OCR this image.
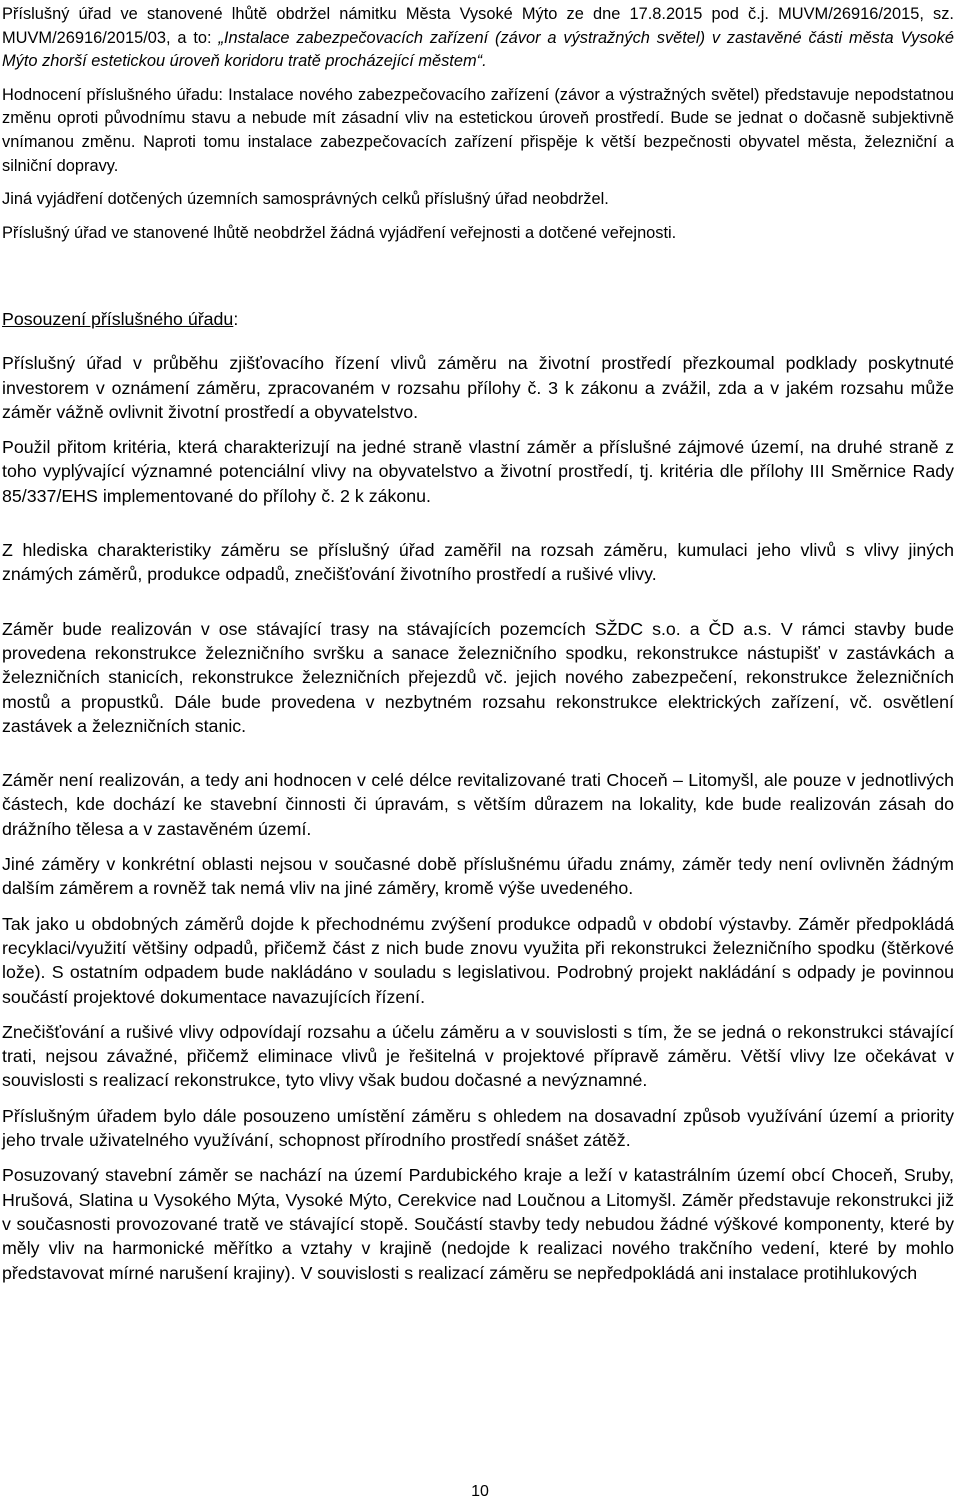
Příslušný úřad ve stanovené lhůtě obdržel námitku Města Vysoké Mýto ze dne 17.8.2015 pod č.j. MUVM/26916/2015, sz. MUVM/26916/2015/03, a to: „Instalace zabezpečovacích zařízení (závor a výstražných světel) v zastavěné části města Vysoké Mýto zhorší estetickou úroveň koridoru tratě procházející městem“.

Hodnocení příslušného úřadu: Instalace nového zabezpečovacího zařízení (závor a výstražných světel) představuje nepodstatnou změnu oproti původnímu stavu a nebude mít zásadní vliv na estetickou úroveň prostředí. Bude se jednat o dočasně subjektivně vnímanou změnu. Naproti tomu instalace zabezpečovacích zařízení přispěje k větší bezpečnosti obyvatel města, železniční a silniční dopravy.

Jiná vyjádření dotčených územních samosprávných celků příslušný úřad neobdržel.

Příslušný úřad ve stanovené lhůtě neobdržel žádná vyjádření veřejnosti a dotčené veřejnosti.

Posouzení příslušného úřadu:

Příslušný úřad v průběhu zjišťovacího řízení vlivů záměru na životní prostředí přezkoumal podklady poskytnuté investorem v oznámení záměru, zpracovaném v rozsahu přílohy č. 3 k zákonu a zvážil, zda a v jakém rozsahu může záměr vážně ovlivnit životní prostředí a obyvatelstvo.

Použil přitom kritéria, která charakterizují na jedné straně vlastní záměr a příslušné zájmové území, na druhé straně z toho vyplývající významné potenciální vlivy na obyvatelstvo a životní prostředí, tj. kritéria dle přílohy III Směrnice Rady 85/337/EHS implementované do přílohy č. 2 k zákonu.

Z hlediska charakteristiky záměru se příslušný úřad zaměřil na rozsah záměru, kumulaci jeho vlivů s vlivy jiných známých záměrů, produkce odpadů, znečišťování životního prostředí a rušivé vlivy.

Záměr bude realizován v ose stávající trasy na stávajících pozemcích SŽDC s.o. a ČD a.s. V rámci stavby bude provedena rekonstrukce železničního svršku a sanace železničního spodku, rekonstrukce nástupišť v zastávkách a železničních stanicích, rekonstrukce železničních přejezdů vč. jejich nového zabezpečení, rekonstrukce železničních mostů a propustků. Dále bude provedena v nezbytném rozsahu rekonstrukce elektrických zařízení, vč. osvětlení zastávek a železničních stanic.

Záměr není realizován, a tedy ani hodnocen v celé délce revitalizované trati Choceň – Litomyšl, ale pouze v jednotlivých částech, kde dochází ke stavební činnosti či úpravám, s větším důrazem na lokality, kde bude realizován zásah do drážního tělesa a v zastavěném území.

Jiné záměry v konkrétní oblasti nejsou v současné době příslušnému úřadu známy, záměr tedy není ovlivněn žádným dalším záměrem a rovněž tak nemá vliv na jiné záměry, kromě výše uvedeného.

Tak jako u obdobných záměrů dojde k přechodnému zvýšení produkce odpadů v období výstavby. Záměr předpokládá recyklaci/využití většiny odpadů, přičemž část z nich bude znovu využita při rekonstrukci železničního spodku (štěrkové lože). S ostatním odpadem bude nakládáno v souladu s legislativou. Podrobný projekt nakládání s odpady je povinnou součástí projektové dokumentace navazujících řízení.

Znečišťování a rušivé vlivy odpovídají rozsahu a účelu záměru a v souvislosti s tím, že se jedná o rekonstrukci stávající trati, nejsou závažné, přičemž eliminace vlivů je řešitelná v projektové přípravě záměru. Větší vlivy lze očekávat v souvislosti s realizací rekonstrukce, tyto vlivy však budou dočasné a nevýznamné.

Příslušným úřadem bylo dále posouzeno umístění záměru s ohledem na dosavadní způsob využívání území a priority jeho trvale uživatelného využívání, schopnost přírodního prostředí snášet zátěž.

Posuzovaný stavební záměr se nachází na území Pardubického kraje a leží v katastrálním území obcí Choceň, Sruby, Hrušová, Slatina u Vysokého Mýta, Vysoké Mýto, Cerekvice nad Loučnou a Litomyšl. Záměr představuje rekonstrukci již v současnosti provozované tratě ve stávající stopě. Součástí stavby tedy nebudou žádné výškové komponenty, které by měly vliv na harmonické měřítko a vztahy v krajině (nedojde k realizaci nového trakčního vedení, které by mohlo představovat mírné narušení krajiny). V souvislosti s realizací záměru se nepředpokládá ani instalace protihlukových

10
